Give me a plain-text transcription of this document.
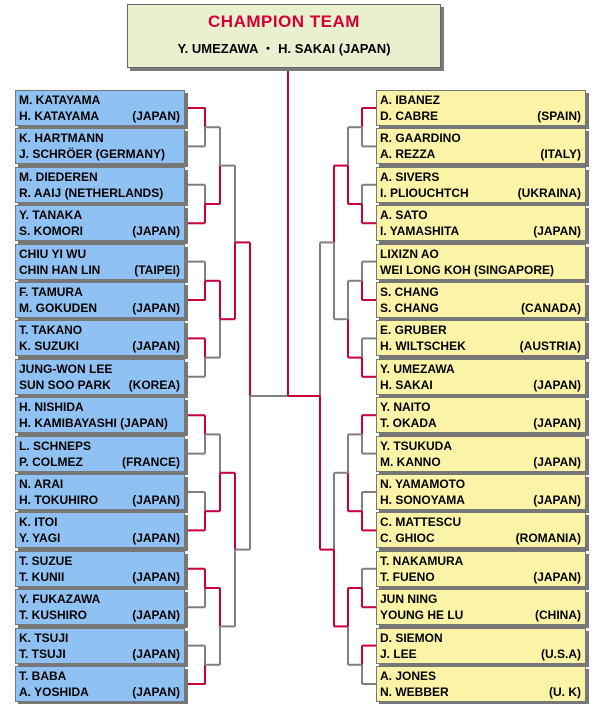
CHAMPION TEAM
Y. UMEZAWA ・ H. SAKAI (JAPAN)
M. KATAYAMA
H. KATAYAMA	(JAPAN)
K. HARTMANN
J. SCHRÖER (GERMANY)
M. DIEDEREN
R. AAIJ (NETHERLANDS)
Y. TANAKA
S. KOMORI	(JAPAN)
CHIU YI WU
CHIN HAN LIN	(TAIPEI)
F. TAMURA
M. GOKUDEN	(JAPAN)
T. TAKANO
K. SUZUKI	(JAPAN)
JUNG-WON LEE
SUN SOO PARK (KOREA)
H. NISHIDA
H. KAMIBAYASHI (JAPAN)
L. SCHNEPS
P. COLMEZ	(FRANCE)
N. ARAI
H. TOKUHIRO	(JAPAN)
K. ITOI
Y. YAGI	(JAPAN)
T. SUZUE
T. KUNII	(JAPAN)
Y. FUKAZAWA
T. KUSHIRO	(JAPAN)
K. TSUJI
T. TSUJI	(JAPAN)
T. BABA
A. YOSHIDA	(JAPAN)
A. IBANEZ
D. CABRE	(SPAIN)
R. GAARDINO
A. REZZA	(ITALY)
A. SIVERS
I. PLIOUCHTCH	(UKRAINA)
A. SATO
I. YAMASHITA	(JAPAN)
LIXIZN AO
WEI LONG KOH (SINGAPORE)
S. CHANG
S. CHANG	(CANADA)
E. GRUBER
H. WILTSCHEK	(AUSTRIA)
Y. UMEZAWA
H. SAKAI	(JAPAN)
Y. NAITO
T. OKADA	(JAPAN)
Y. TSUKUDA
M. KANNO	(JAPAN)
N. YAMAMOTO
H. SONOYAMA	(JAPAN)
C. MATTESCU
C. GHIOC	(ROMANIA)
T. NAKAMURA
T. FUENO	(JAPAN)
JUN NING
YOUNG HE LU	(CHINA)
D. SIEMON
J. LEE	(U.S.A)
A. JONES
N. WEBBER	(U. K)
